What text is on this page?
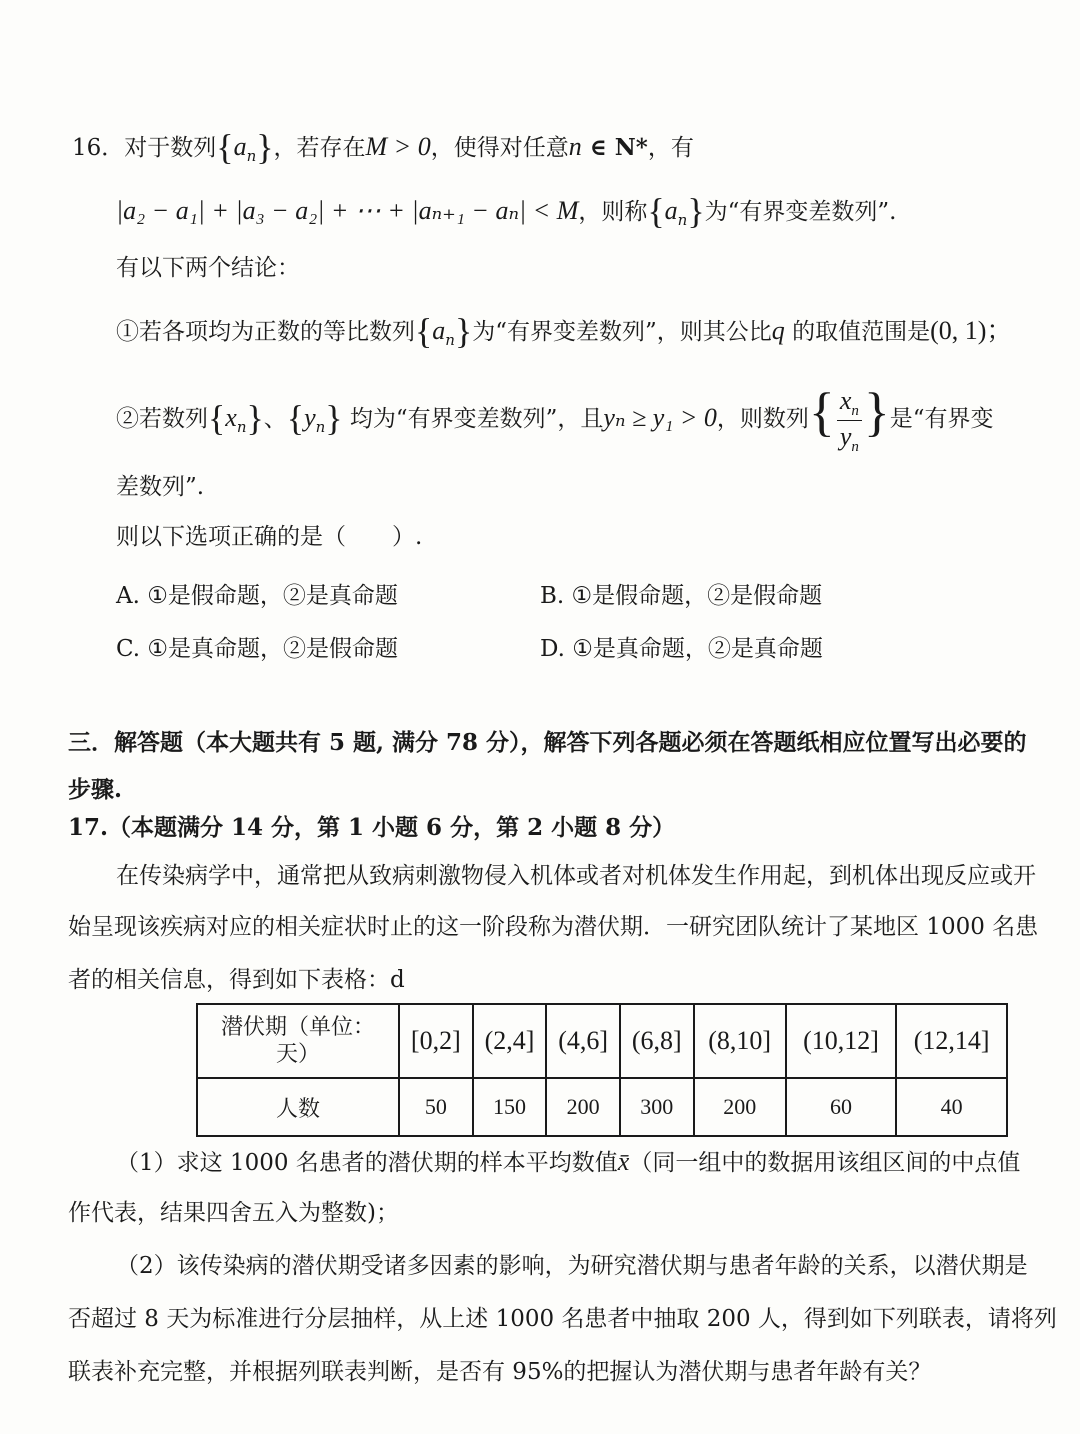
16．对于数列$\{a_n\}$，若存在M > 0，使得对任意n ∈ N*，有
|a₂ − a₁| + |a₃ − a₂| + ⋯ + |aₙ₊₁ − aₙ| < M，则称$\{a_n\}$为“有界变差数列”.
有以下两个结论：
①若各项均为正数的等比数列$\{a_n\}$为“有界变差数列”，则其公比q 的取值范围是(0, 1)；
②若数列$\{x_n\}$、$\{y_n\}$ 均为“有界变差数列”，且yₙ ≥ y₁ > 0，则数列{ $\frac{x_n}{y_n}$ }是“有界变
差数列”.
则以下选项正确的是（　　）.
A. ①是假命题，②是真命题	B. ①是假命题，②是假命题
C. ①是真命题，②是假命题	D. ①是真命题，②是真命题
三．解答题（本大题共有 5 题, 满分 78 分），解答下列各题必须在答题纸相应位置写出必要的
步骤.
17.（本题满分 14 分，第 1 小题 6 分，第 2 小题 8 分）
在传染病学中，通常把从致病刺激物侵入机体或者对机体发生作用起，到机体出现反应或开
始呈现该疾病对应的相关症状时止的这一阶段称为潜伏期．一研究团队统计了某地区 1000 名患
者的相关信息，得到如下表格：d
潜伏期（单位：
天）	[0,2]	(2,4]	(4,6]	(6,8]	(8,10]	(10,12]	(12,14]
人数	50	150	200	300	200	60	40
（1）求这 1000 名患者的潜伏期的样本平均数值x̄（同一组中的数据用该组区间的中点值
作代表，结果四舍五入为整数)；
（2）该传染病的潜伏期受诸多因素的影响，为研究潜伏期与患者年龄的关系，以潜伏期是
否超过 8 天为标准进行分层抽样，从上述 1000 名患者中抽取 200 人，得到如下列联表，请将列
联表补充完整，并根据列联表判断，是否有 95%的把握认为潜伏期与患者年龄有关？
